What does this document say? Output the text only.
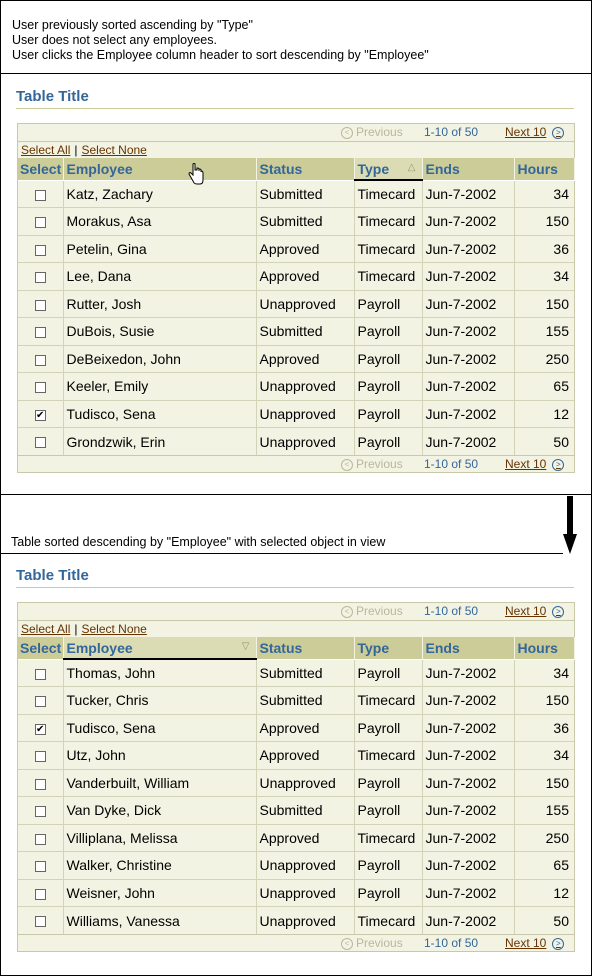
User previously sorted ascending by "Type"

User does not select any employees.

User clicks the Employee column header to sort descending by "Employee"

Table Title
< Previous 1-10 of 50 Next 10	>
Select All | Select None
Select	Employee	Status	Type △	Ends	Hours
	Katz, Zachary	Submitted	Timecard	Jun-7-2002	34
	Morakus, Asa	Submitted	Timecard	Jun-7-2002	150
	Petelin, Gina	Approved	Timecard	Jun-7-2002	36
	Lee, Dana	Approved	Timecard	Jun-7-2002	34
	Rutter, Josh	Unapproved	Payroll	Jun-7-2002	150
	DuBois, Susie	Submitted	Payroll	Jun-7-2002	155
	DeBeixedon, John	Approved	Payroll	Jun-7-2002	250
	Keeler, Emily	Unapproved	Payroll	Jun-7-2002	65
✔	Tudisco, Sena	Unapproved	Payroll	Jun-7-2002	12
	Grondzwik, Erin	Unapproved	Payroll	Jun-7-2002	50
< Previous 1-10 of 50 Next 10	>
Table sorted descending by "Employee" with selected object in view
Table Title
< Previous 1-10 of 50 Next 10	>
Select All | Select None
Select	Employee ▽	Status	Type	Ends	Hours
	Thomas, John	Submitted	Payroll	Jun-7-2002	34
	Tucker, Chris	Submitted	Timecard	Jun-7-2002	150
✔	Tudisco, Sena	Approved	Payroll	Jun-7-2002	36
	Utz, John	Approved	Timecard	Jun-7-2002	34
	Vanderbuilt, William	Unapproved	Payroll	Jun-7-2002	150
	Van Dyke, Dick	Submitted	Payroll	Jun-7-2002	155
	Villiplana, Melissa	Approved	Timecard	Jun-7-2002	250
	Walker, Christine	Unapproved	Payroll	Jun-7-2002	65
	Weisner, John	Unapproved	Payroll	Jun-7-2002	12
	Williams, Vanessa	Unapproved	Timecard	Jun-7-2002	50
< Previous 1-10 of 50 Next 10	>
